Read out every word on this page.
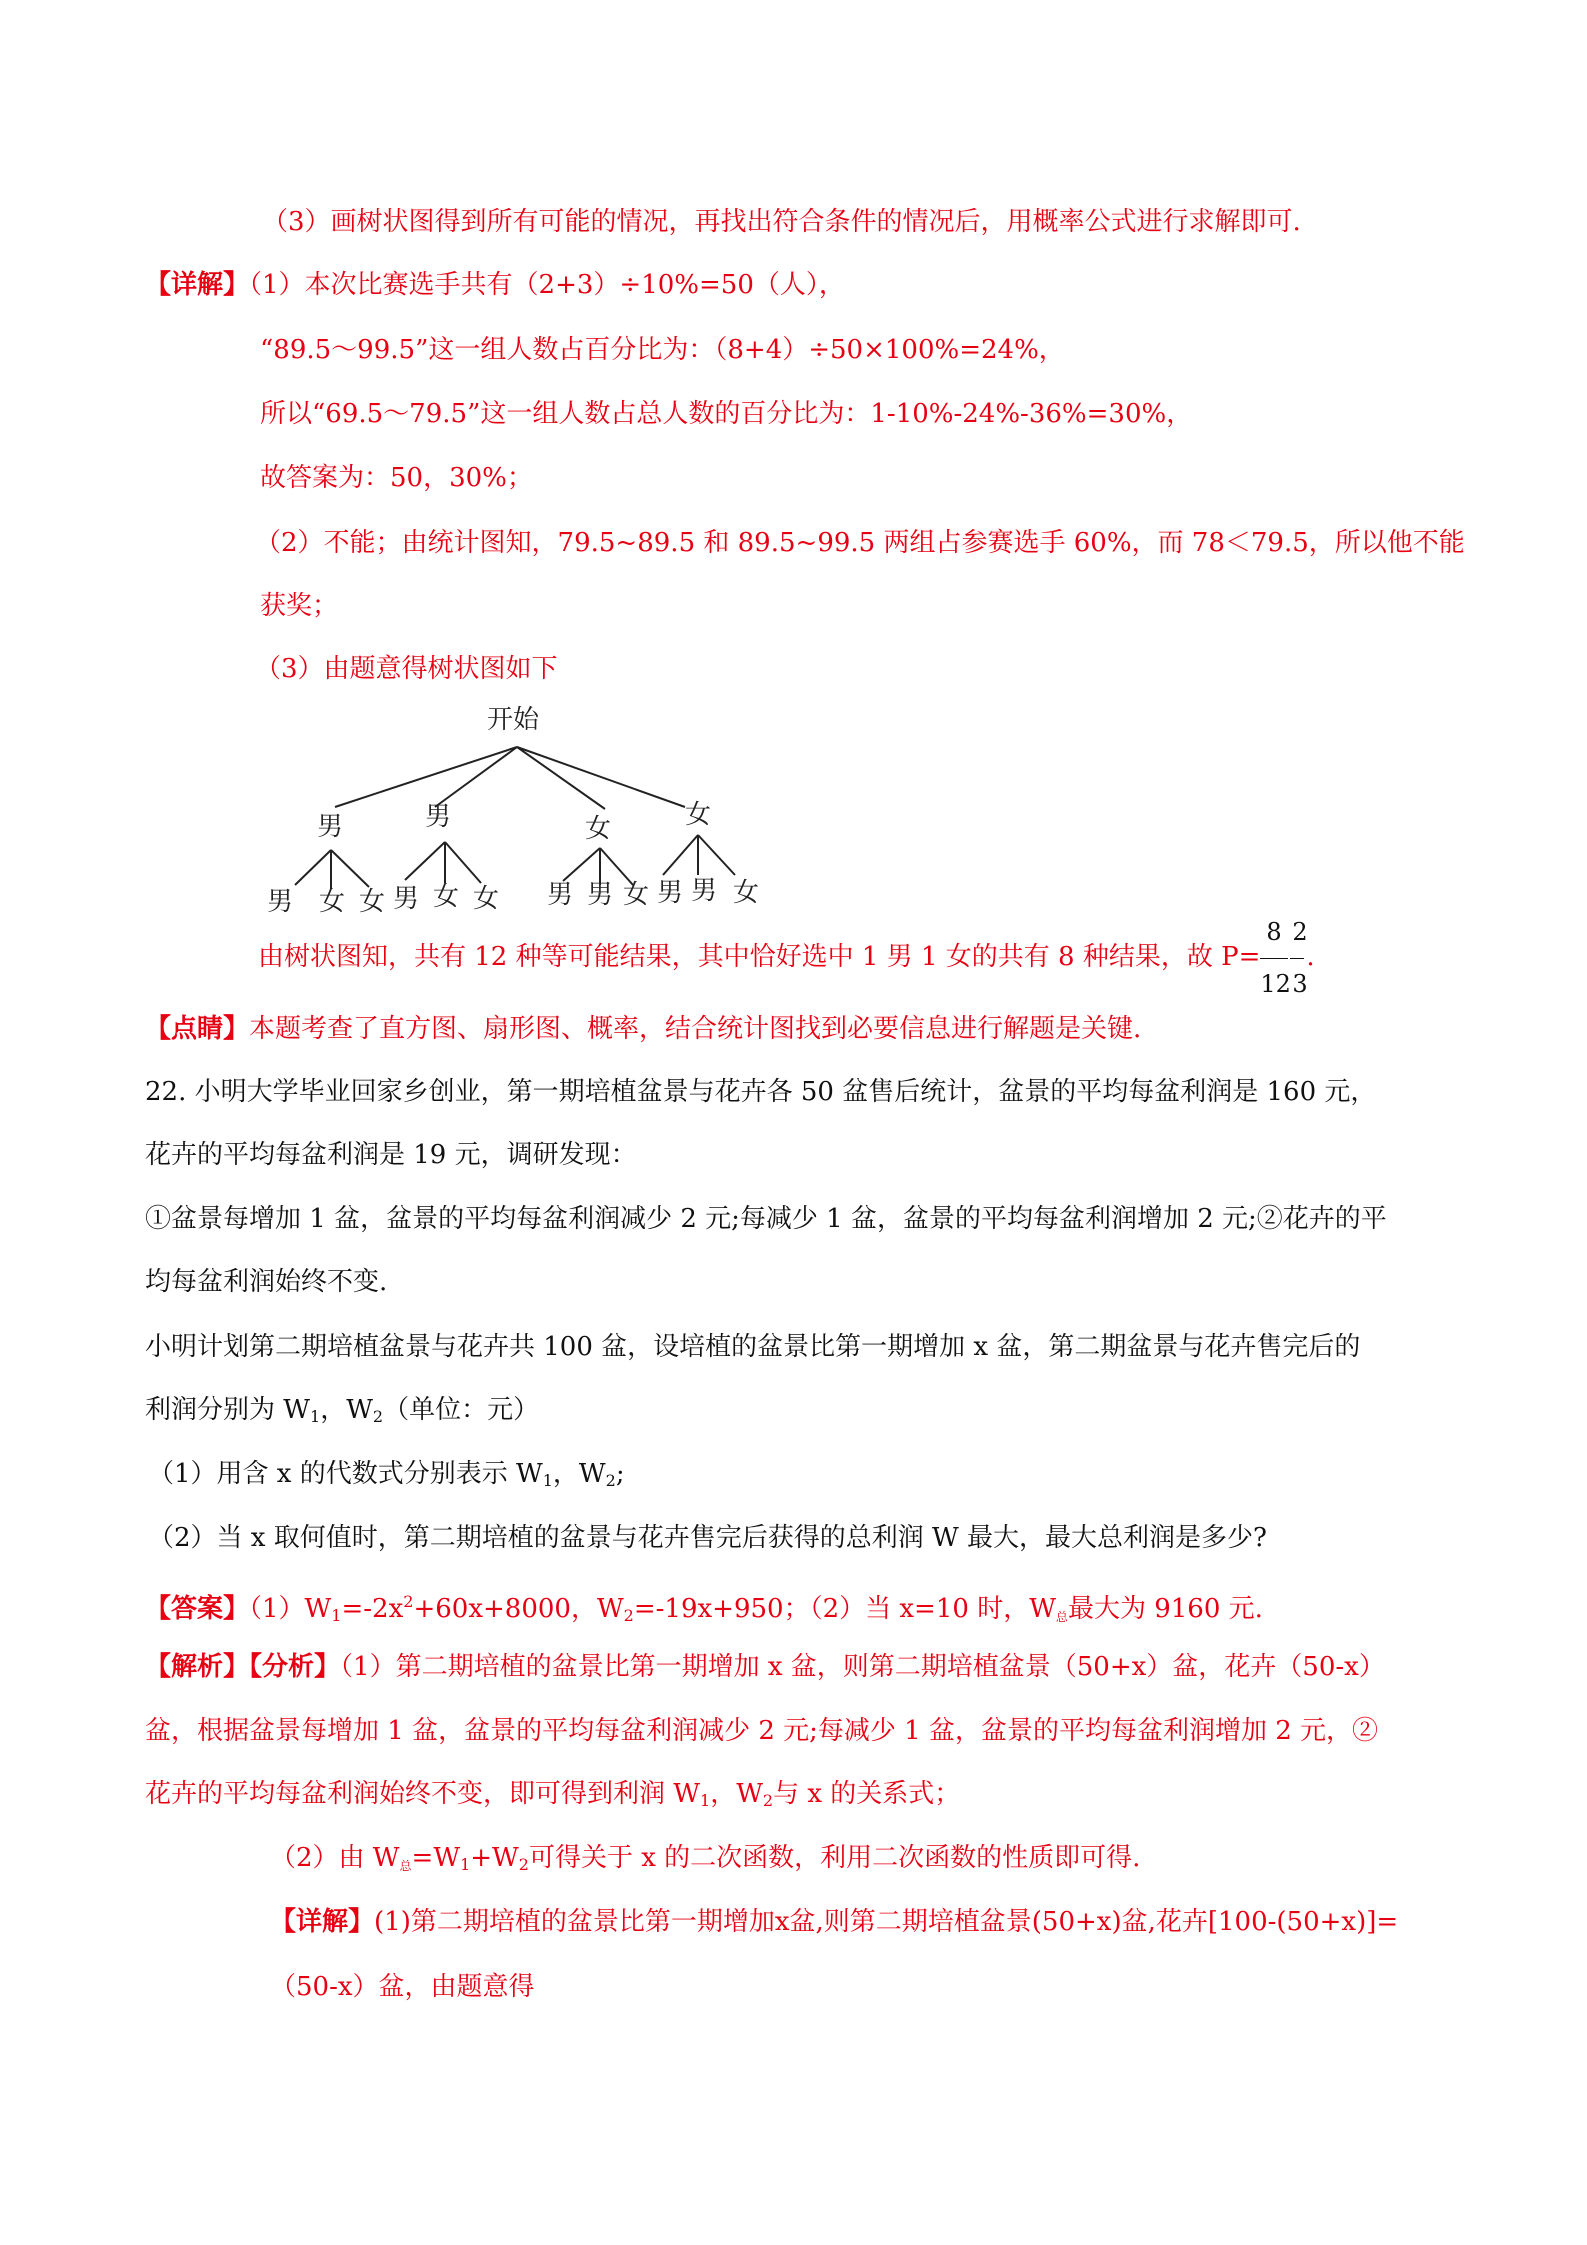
（3）画树状图得到所有可能的情况，再找出符合条件的情况后，用概率公式进行求解即可.
【详解】（1）本次比赛选手共有（2+3）÷10%=50（人），
“89.5～99.5”这一组人数占百分比为：（8+4）÷50×100%=24%，
所以“69.5～79.5”这一组人数占总人数的百分比为：1-10%-24%-36%=30%，
故答案为：50，30%；
（2）不能；由统计图知，79.5~89.5 和 89.5~99.5 两组占参赛选手 60%，而 78＜79.5，所以他不能
获奖；
（3）由题意得树状图如下
开始
男	男	女	女
男 女 女 男 女 女 男 男 女 男 男 女
由树状图知，共有 12 种等可能结果，其中恰好选中 1 男 1 女的共有 8 种结果，故 $P= \frac{8}{12}$
2
3
.
【点睛】本题考查了直方图、扇形图、概率，结合统计图找到必要信息进行解题是关键.
22. 小明大学毕业回家乡创业，第一期培植盆景与花卉各 50 盆售后统计，盆景的平均每盆利润是 160 元，
花卉的平均每盆利润是 19 元，调研发现：
①盆景每增加 1 盆，盆景的平均每盆利润减少 2 元;每减少 1 盆，盆景的平均每盆利润增加 2 元;②花卉的平
均每盆利润始终不变.
小明计划第二期培植盆景与花卉共 100 盆，设培植的盆景比第一期增加 x 盆，第二期盆景与花卉售完后的
利润分别为 $W_1$，$W_2$（单位：元）
（1）用含 x 的代数式分别表示 $W_1$，$W_2$;
（2）当 x 取何值时，第二期培植的盆景与花卉售完后获得的总利润 W 最大，最大总利润是多少?
【答案】$(1)W_1=-2x^2+60x+8000$，$W_2=-19x+950$；（2）当 x=10 时，$W_总$最大为 9160 元.
【解析】【分析】（1）第二期培植的盆景比第一期增加 x 盆，则第二期培植盆景（50+x）盆，花卉（50-x）
盆，根据盆景每增加 1 盆，盆景的平均每盆利润减少 2 元;每减少 1 盆，盆景的平均每盆利润增加 2 元，②
花卉的平均每盆利润始终不变，即可得到利润 $W_1$，$W_2$与 x 的关系式；
（2）由 $W_总=W_1+W_2$可得关于 x 的二次函数，利用二次函数的性质即可得.
【详解】(1)第二期培植的盆景比第一期增加x盆,则第二期培植盆景(50+x)盆,花卉[100-(50+x)]=
（50-x）盆，由题意得
